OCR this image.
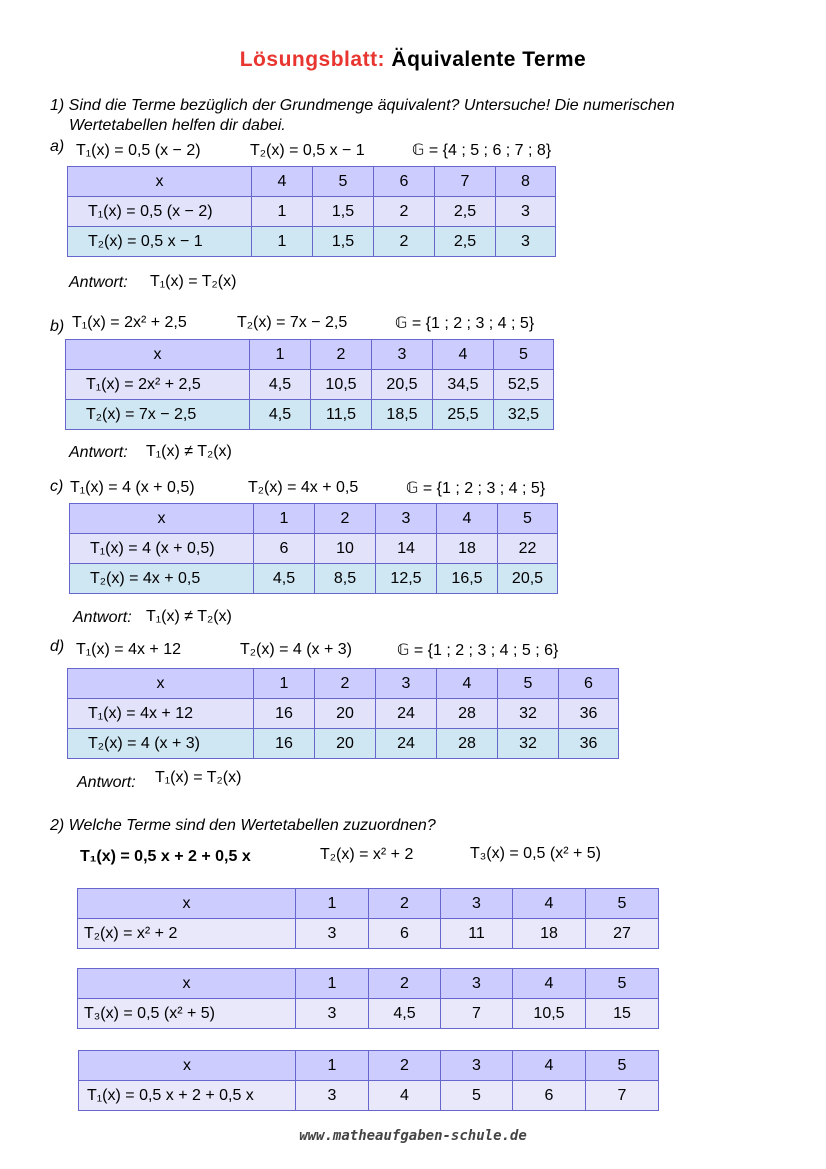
Lösungsblatt: Äquivalente Terme
1) Sind die Terme bezüglich der Grundmenge äquivalent? Untersuche! Die numerischen
Wertetabellen helfen dir dabei.
a) T₁(x) = 0,5 (x − 2)	T₂(x) = 0,5 x − 1	𝔾 = {4 ; 5 ; 6 ; 7 ; 8}
x	4	5	6	7	8
T₁(x) = 0,5 (x − 2)	1	1,5	2	2,5	3
T₂(x) = 0,5 x − 1	1	1,5	2	2,5	3
Antwort: T₁(x) = T₂(x)
b) T₁(x) = 2x² + 2,5	T₂(x) = 7x − 2,5	𝔾 = {1 ; 2 ; 3 ; 4 ; 5}
x	1	2	3	4	5
T₁(x) = 2x² + 2,5	4,5	10,5	20,5	34,5	52,5
T₂(x) = 7x − 2,5	4,5	11,5	18,5	25,5	32,5
Antwort: T₁(x) ≠ T₂(x)
c) T₁(x) = 4 (x + 0,5)	T₂(x) = 4x + 0,5	𝔾 = {1 ; 2 ; 3 ; 4 ; 5}
x	1	2	3	4	5
T₁(x) = 4 (x + 0,5)	6	10	14	18	22
T₂(x) = 4x + 0,5	4,5	8,5	12,5	16,5	20,5
Antwort: T₁(x) ≠ T₂(x)
d) T₁(x) = 4x + 12	T₂(x) = 4 (x + 3)	𝔾 = {1 ; 2 ; 3 ; 4 ; 5 ; 6}
x	1	2	3	4	5	6
T₁(x) = 4x + 12	16	20	24	28	32	36
T₂(x) = 4 (x + 3)	16	20	24	28	32	36
Antwort: T₁(x) = T₂(x)
2) Welche Terme sind den Wertetabellen zuzuordnen?
T₁(x) = 0,5 x + 2 + 0,5 x	T₂(x) = x² + 2	T₃(x) = 0,5 (x² + 5)
x	1	2	3	4	5
T₂(x) = x² + 2	3	6	11	18	27
x	1	2	3	4	5
T₃(x) = 0,5 (x² + 5)	3	4,5	7	10,5	15
x	1	2	3	4	5
T₁(x) = 0,5 x + 2 + 0,5 x	3	4	5	6	7
www.matheaufgaben-schule.de
